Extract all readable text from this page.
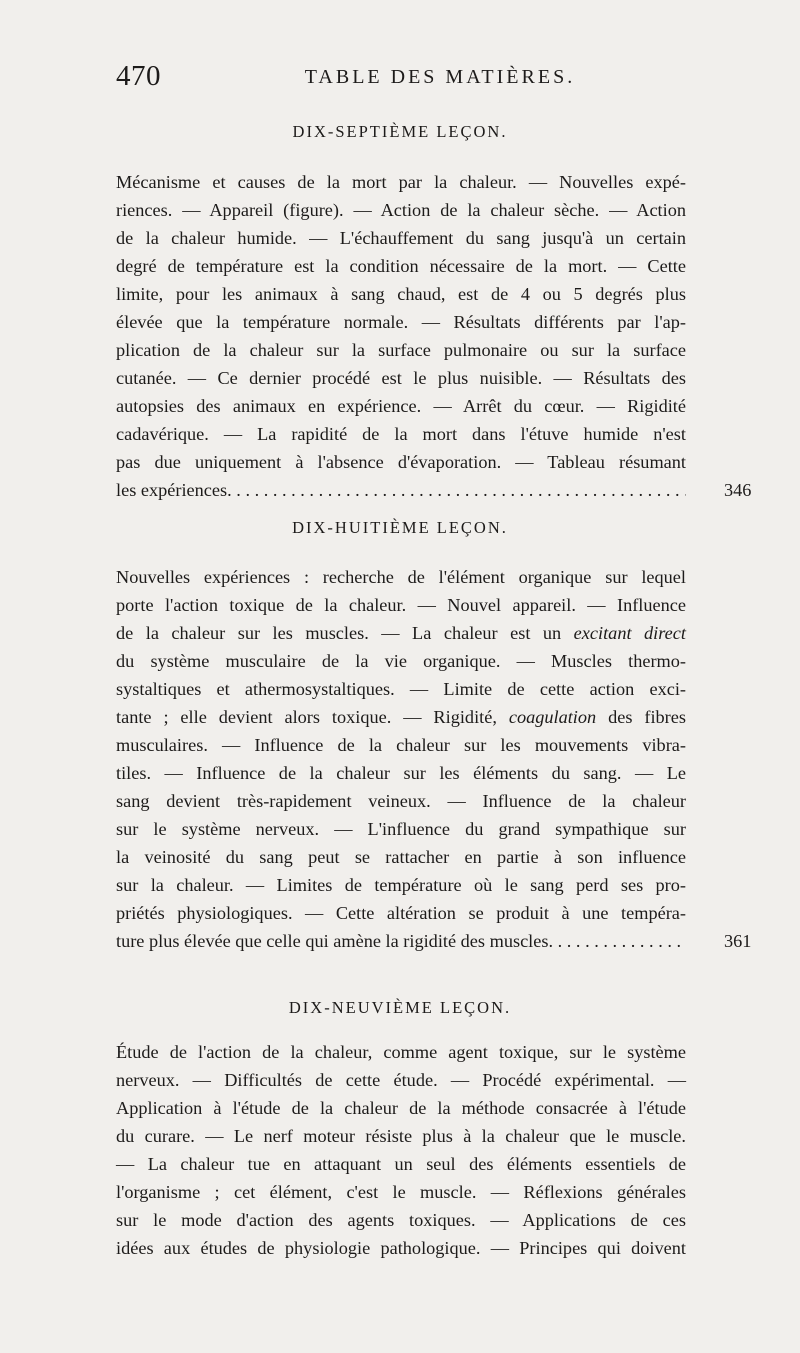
470	TABLE DES MATIÈRES.

DIX-SEPTIÈME LEÇON.

Mécanisme et causes de la mort par la chaleur. — Nouvelles expé-
riences. — Appareil (figure). — Action de la chaleur sèche. — Action
de la chaleur humide. — L'échauffement du sang jusqu'à un certain
degré de température est la condition nécessaire de la mort. — Cette
limite, pour les animaux à sang chaud, est de 4 ou 5 degrés plus
élevée que la température normale. — Résultats différents par l'ap-
plication de la chaleur sur la surface pulmonaire ou sur la surface
cutanée. — Ce dernier procédé est le plus nuisible. — Résultats des
autopsies des animaux en expérience. — Arrêt du cœur. — Rigidité
cadavérique. — La rapidité de la mort dans l'étuve humide n'est
pas due uniquement à l'absence d'évaporation. — Tableau résumant
les expériences . . .	346

DIX-HUITIÈME LEÇON.

Nouvelles expériences : recherche de l'élément organique sur lequel
porte l'action toxique de la chaleur. — Nouvel appareil. — Influence
de la chaleur sur les muscles. — La chaleur est un excitant direct
du système musculaire de la vie organique. — Muscles thermo-
systaltiques et athermosystaltiques. — Limite de cette action exci-
tante ; elle devient alors toxique. — Rigidité, coagulation des fibres
musculaires. — Influence de la chaleur sur les mouvements vibra-
tiles. — Influence de la chaleur sur les éléments du sang. — Le
sang devient très-rapidement veineux. — Influence de la chaleur
sur le système nerveux. — L'influence du grand sympathique sur
la veinosité du sang peut se rattacher en partie à son influence
sur la chaleur. — Limites de température où le sang perd ses pro-
priétés physiologiques. — Cette altération se produit à une tempéra-
ture plus élevée que celle qui amène la rigidité des muscles . . .	361

DIX-NEUVIÈME LEÇON.

Étude de l'action de la chaleur, comme agent toxique, sur le système
nerveux. — Difficultés de cette étude. — Procédé expérimental. —
Application à l'étude de la chaleur de la méthode consacrée à l'étude
du curare. — Le nerf moteur résiste plus à la chaleur que le muscle.
— La chaleur tue en attaquant un seul des éléments essentiels de
l'organisme ; cet élément, c'est le muscle. — Réflexions générales
sur le mode d'action des agents toxiques. — Applications de ces
idées aux études de physiologie pathologique. — Principes qui doivent
